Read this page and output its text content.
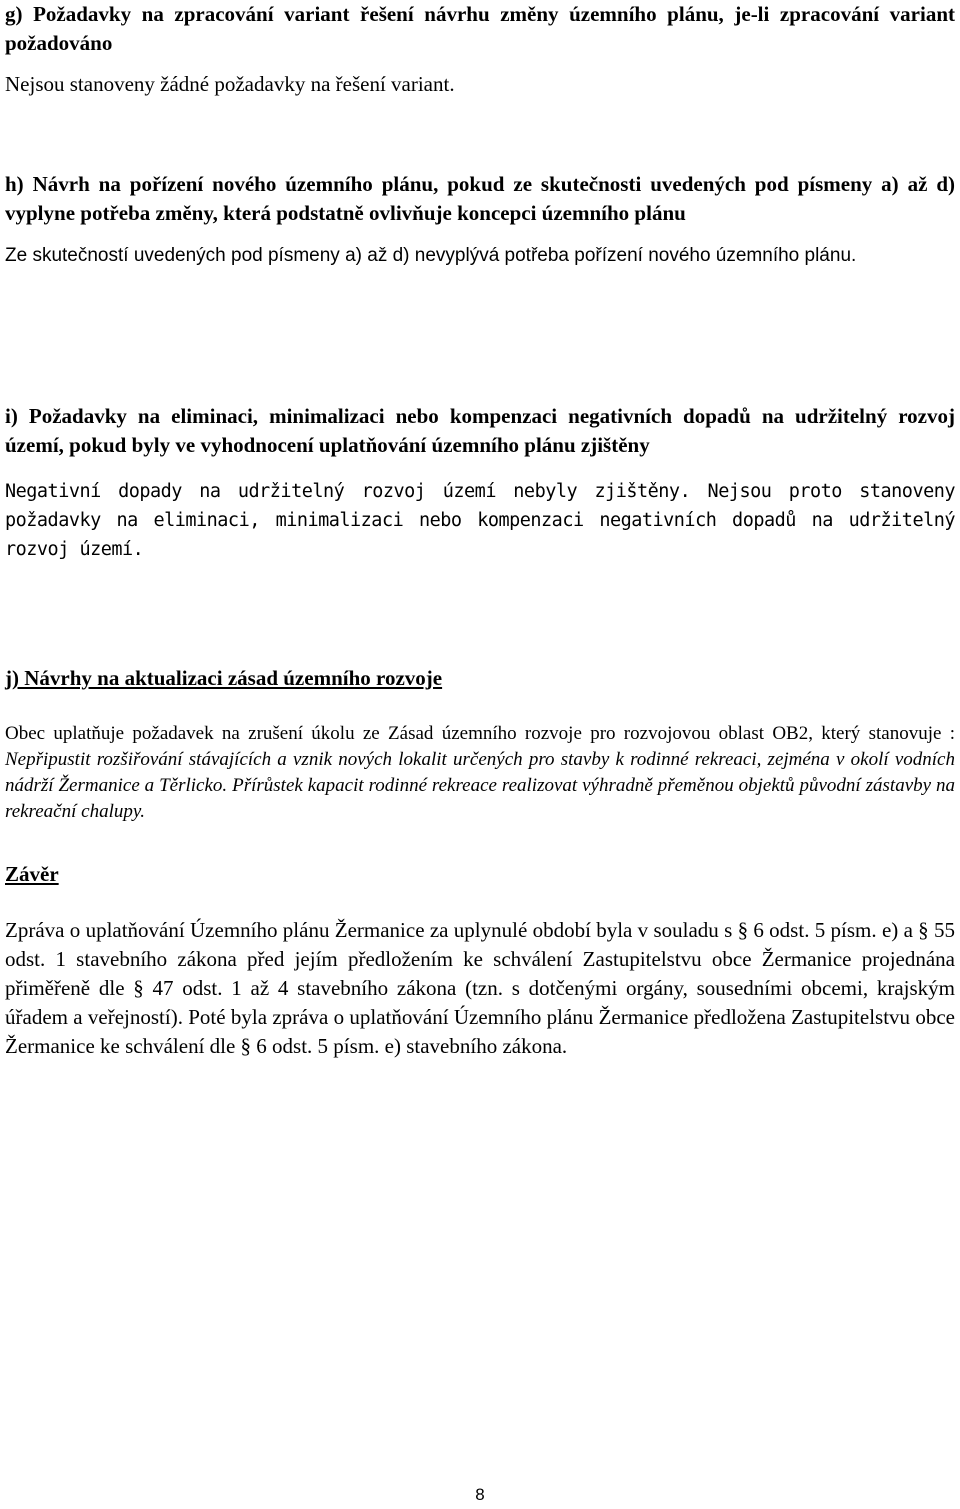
g) Požadavky na zpracování variant řešení návrhu změny územního plánu, je-li zpracování variant požadováno

Nejsou stanoveny žádné požadavky na řešení variant.

h) Návrh na pořízení nového územního plánu, pokud ze skutečnosti uvedených pod písmeny a) až d) vyplyne potřeba změny, která podstatně ovlivňuje koncepci územního plánu

Ze skutečností uvedených pod písmeny a) až d) nevyplývá potřeba pořízení nového územního plánu.

i) Požadavky na eliminaci, minimalizaci nebo kompenzaci negativních dopadů na udržitelný rozvoj území, pokud byly ve vyhodnocení uplatňování územního plánu zjištěny

Negativní dopady na udržitelný rozvoj území nebyly zjištěny. Nejsou proto stanoveny požadavky na eliminaci, minimalizaci nebo kompenzaci negativních dopadů na udržitelný rozvoj území.

j) Návrhy na aktualizaci zásad územního rozvoje

Obec uplatňuje požadavek na zrušení úkolu ze Zásad územního rozvoje pro rozvojovou oblast OB2, který stanovuje : Nepřipustit rozšiřování stávajících a vznik nových lokalit určených pro stavby k rodinné rekreaci, zejména v okolí vodních nádrží Žermanice a Těrlicko. Přírůstek kapacit rodinné rekreace realizovat výhradně přeměnou objektů původní zástavby na rekreační chalupy.

Závěr

Zpráva o uplatňování Územního plánu Žermanice za uplynulé období byla v souladu s § 6 odst. 5 písm. e) a § 55 odst. 1 stavebního zákona před jejím předložením ke schválení Zastupitelstvu obce Žermanice projednána přiměřeně dle § 47 odst. 1 až 4 stavebního zákona (tzn. s dotčenými orgány, sousedními obcemi, krajským úřadem a veřejností). Poté byla zpráva o uplatňování Územního plánu Žermanice předložena Zastupitelstvu obce Žermanice ke schválení dle § 6 odst. 5 písm. e) stavebního zákona.

8
